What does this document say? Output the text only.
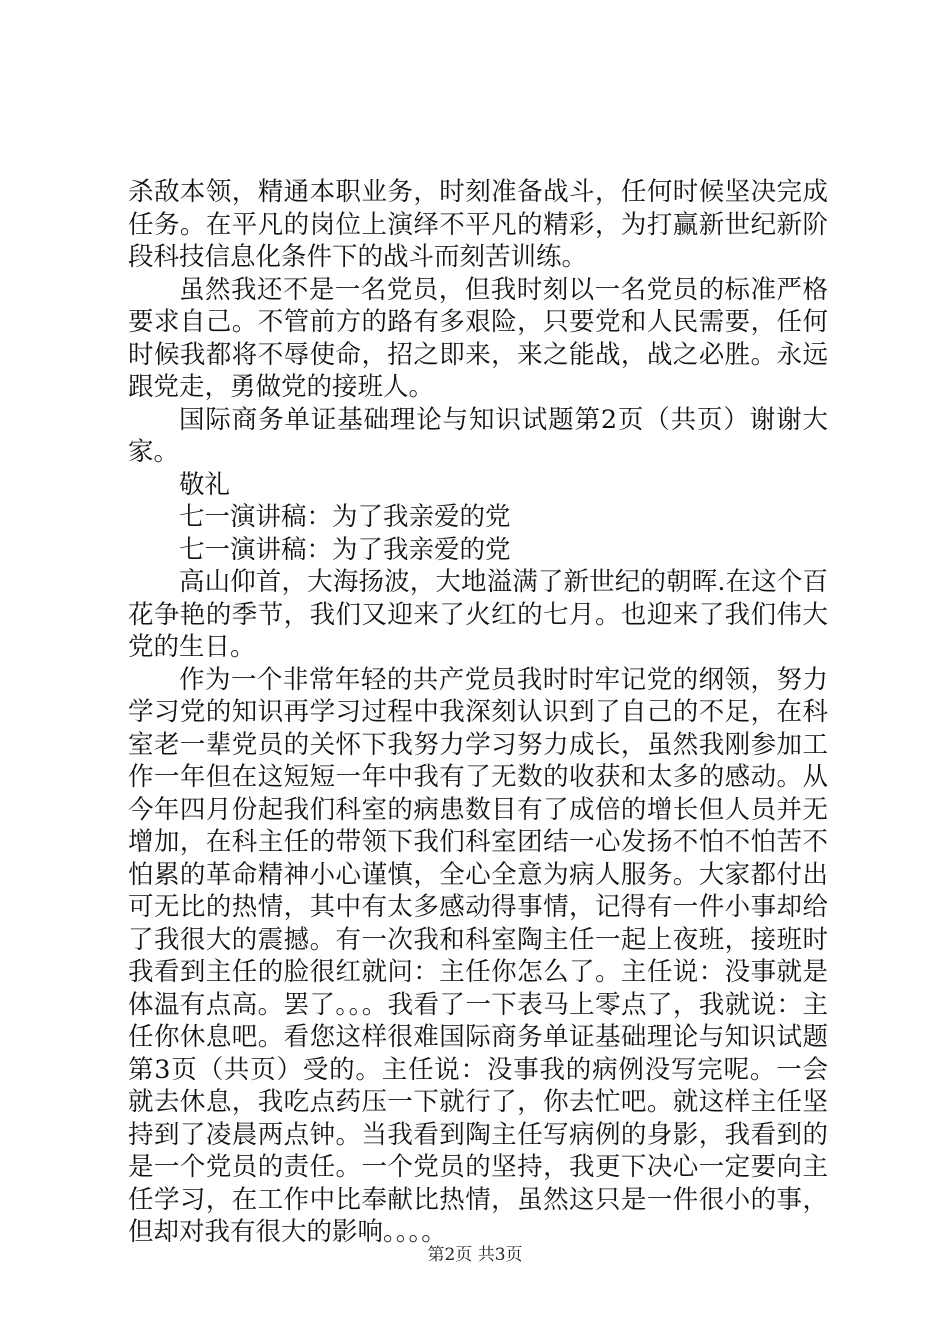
杀敌本领，精通本职业务，时刻准备战斗，任何时候坚决完成任务。在平凡的岗位上演绎不平凡的精彩，为打赢新世纪新阶段科技信息化条件下的战斗而刻苦训练。

虽然我还不是一名党员，但我时刻以一名党员的标准严格要求自己。不管前方的路有多艰险，只要党和人民需要，任何时候我都将不辱使命，招之即来，来之能战，战之必胜。永远跟党走，勇做党的接班人。

国际商务单证基础理论与知识试题第2页（共页）谢谢大家。

敬礼

七一演讲稿：为了我亲爱的党

七一演讲稿：为了我亲爱的党

高山仰首，大海扬波，大地溢满了新世纪的朝晖.在这个百花争艳的季节，我们又迎来了火红的七月。也迎来了我们伟大党的生日。

作为一个非常年轻的共产党员我时时牢记党的纲领，努力学习党的知识再学习过程中我深刻认识到了自己的不足，在科室老一辈党员的关怀下我努力学习努力成长，虽然我刚参加工作一年但在这短短一年中我有了无数的收获和太多的感动。从今年四月份起我们科室的病患数目有了成倍的增长但人员并无增加，在科主任的带领下我们科室团结一心发扬不怕不怕苦不怕累的革命精神小心谨慎，全心全意为病人服务。大家都付出可无比的热情，其中有太多感动得事情，记得有一件小事却给了我很大的震撼。有一次我和科室陶主任一起上夜班，接班时我看到主任的脸很红就问：主任你怎么了。主任说：没事就是体温有点高。罢了。。。我看了一下表马上零点了，我就说：主任你休息吧。看您这样很难国际商务单证基础理论与知识试题第3页（共页）受的。主任说：没事我的病例没写完呢。一会就去休息，我吃点药压一下就行了，你去忙吧。就这样主任坚持到了凌晨两点钟。当我看到陶主任写病例的身影，我看到的是一个党员的责任。一个党员的坚持，我更下决心一定要向主任学习，在工作中比奉献比热情，虽然这只是一件很小的事，但却对我有很大的影响。。。。

第2页 共3页
